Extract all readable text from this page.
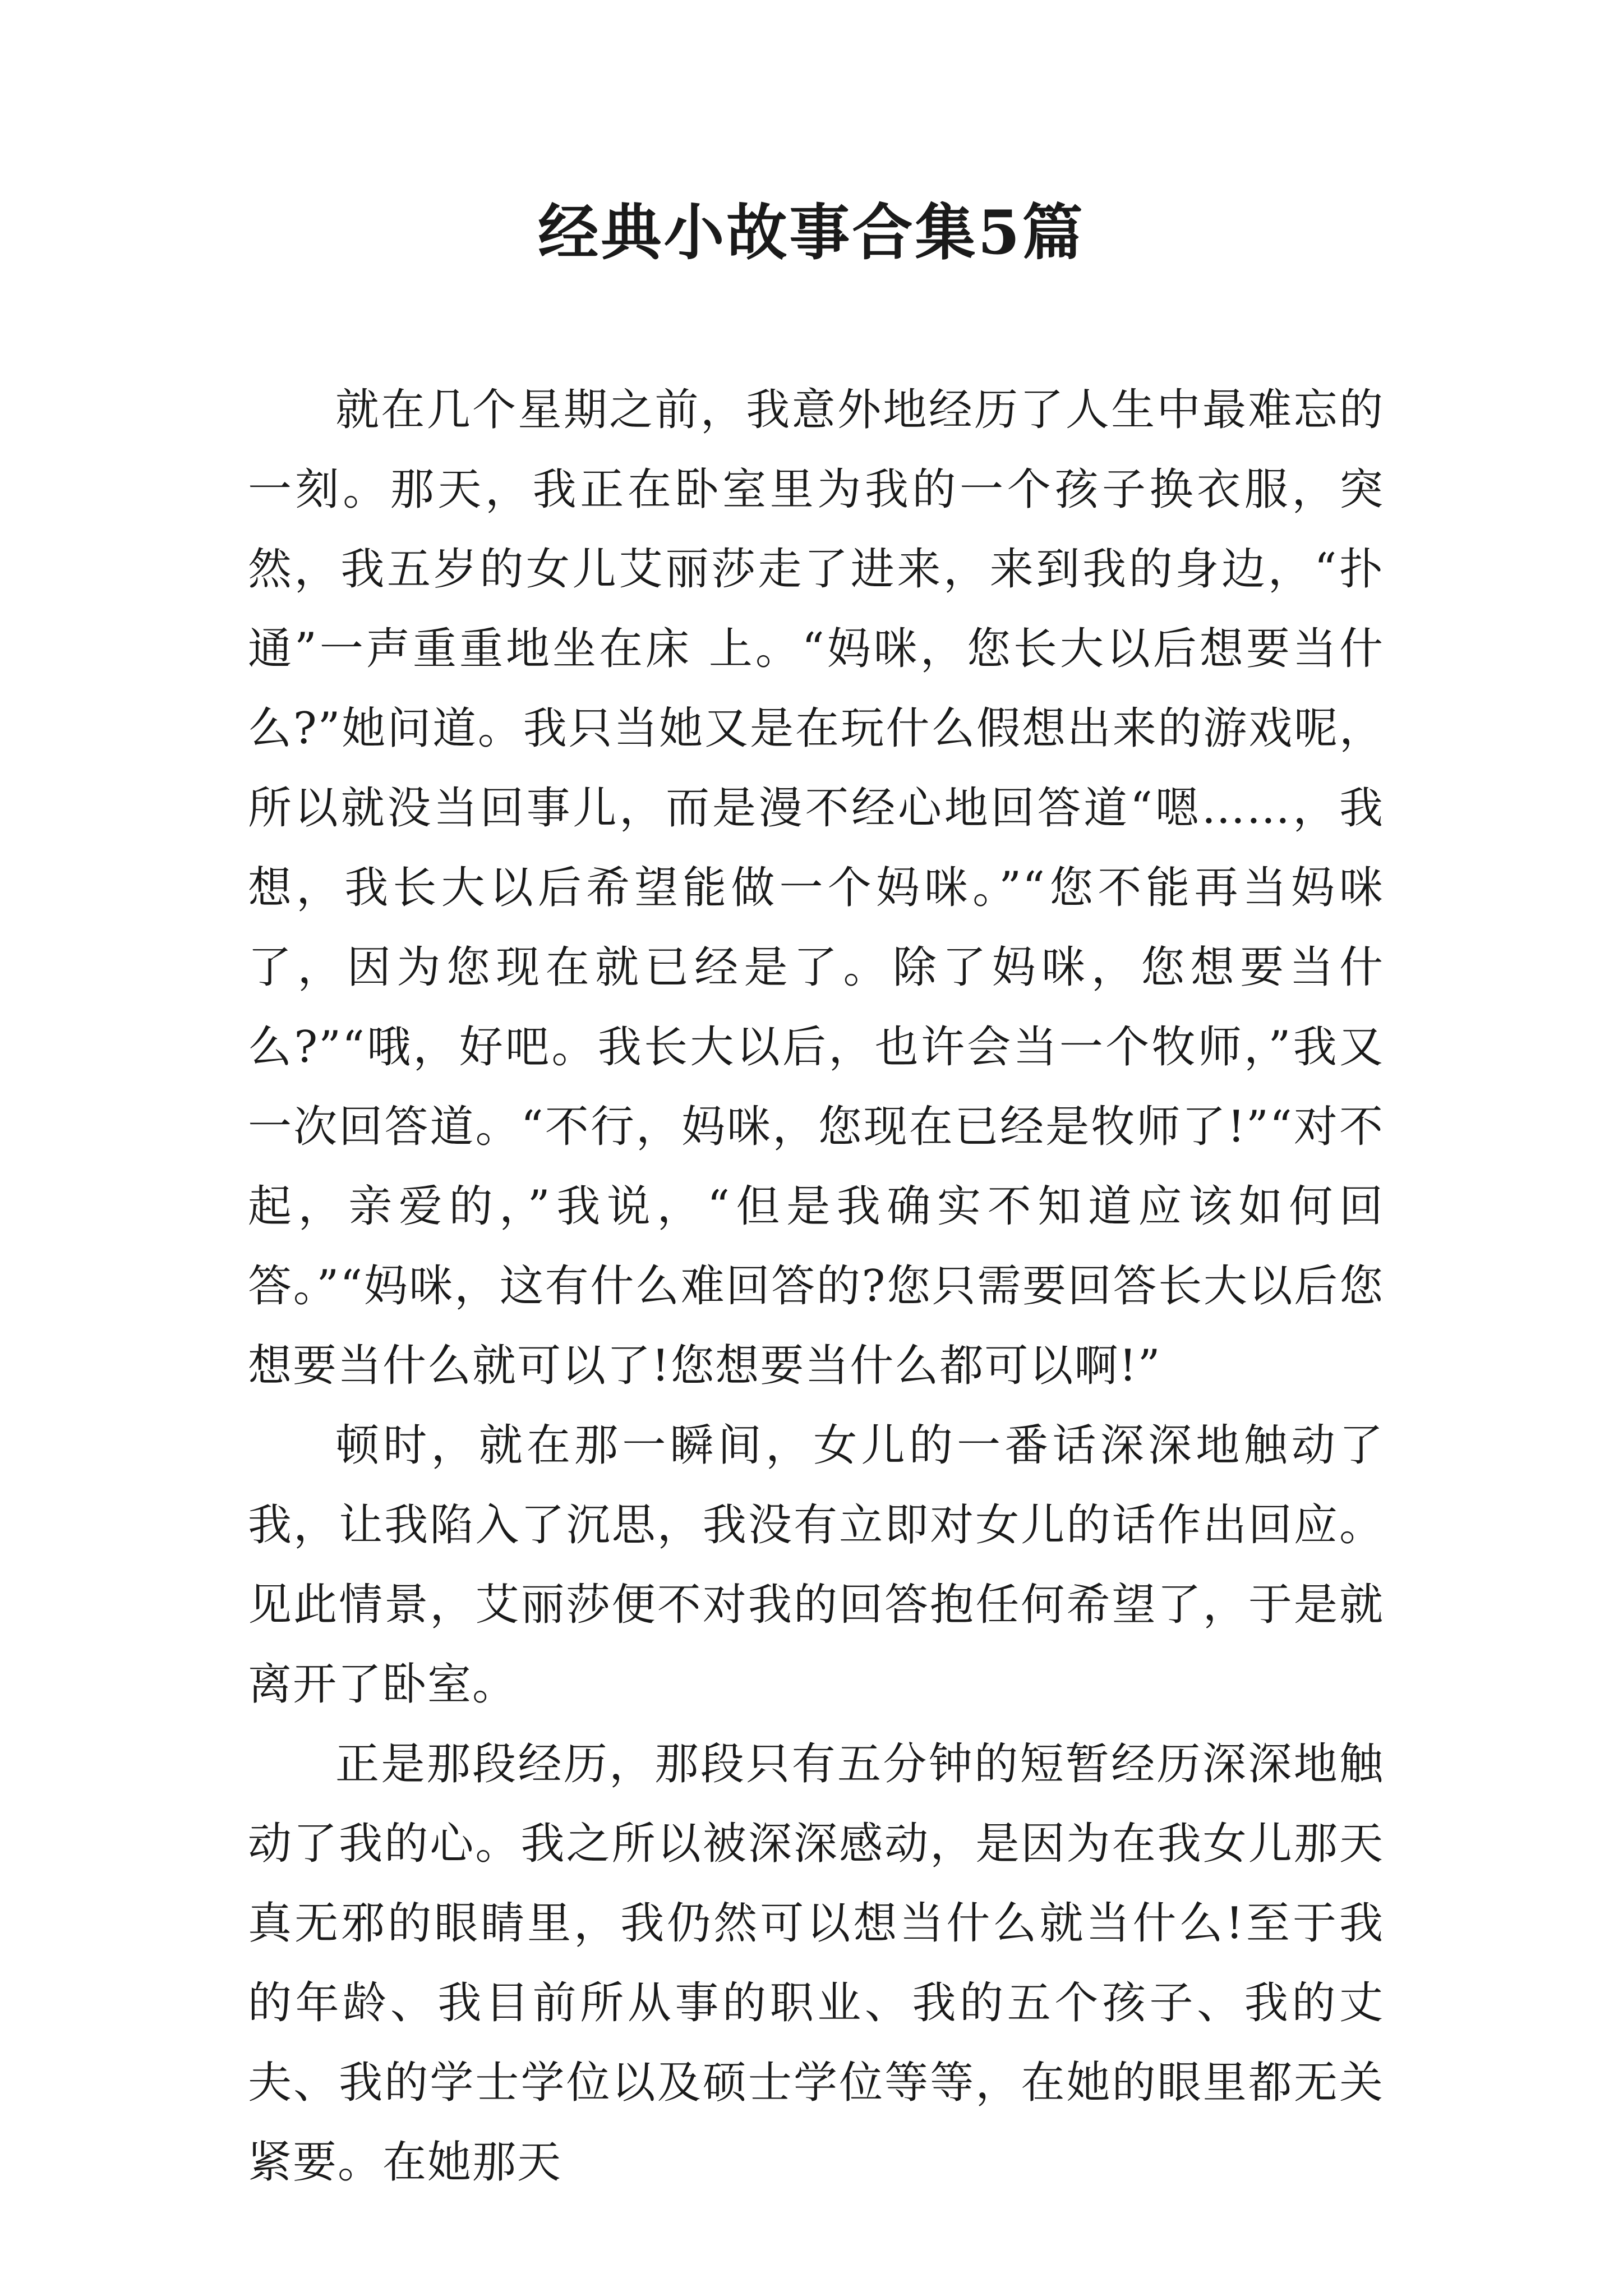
经典小故事合集5篇

就在几个星期之前，我意外地经历了人生中最难忘的一刻。那天，我正在卧室里为我的一个孩子换衣服，突然，我五岁的女儿艾丽莎走了进来，来到我的身边，“扑通”一声重重地坐在床 上。“妈咪，您长大以后想要当什么?”她问道。我只当她又是在玩什么假想出来的游戏呢，所以就没当回事儿，而是漫不经心地回答道“嗯……，我想，我长大以后希望能做一个妈咪。”“您不能再当妈咪了，因为您现在就已经是了。除了妈咪，您想要当什么?”“哦，好吧。我长大以后，也许会当一个牧师，”我又一次回答道。“不行，妈咪，您现在已经是牧师了!”“对不起，亲爱的，”我说，“但是我确实不知道应该如何回答。”“妈咪，这有什么难回答的?您只需要回答长大以后您想要当什么就可以了!您想要当什么都可以啊!”

顿时，就在那一瞬间，女儿的一番话深深地触动了我，让我陷入了沉思，我没有立即对女儿的话作出回应。见此情景，艾丽莎便不对我的回答抱任何希望了，于是就离开了卧室。

正是那段经历，那段只有五分钟的短暂经历深深地触动了我的心。我之所以被深深感动，是因为在我女儿那天真无邪的眼睛里，我仍然可以想当什么就当什么!至于我的年龄、我目前所从事的职业、我的五个孩子、我的丈夫、我的学士学位以及硕士学位等等，在她的眼里都无关紧要。在她那天
